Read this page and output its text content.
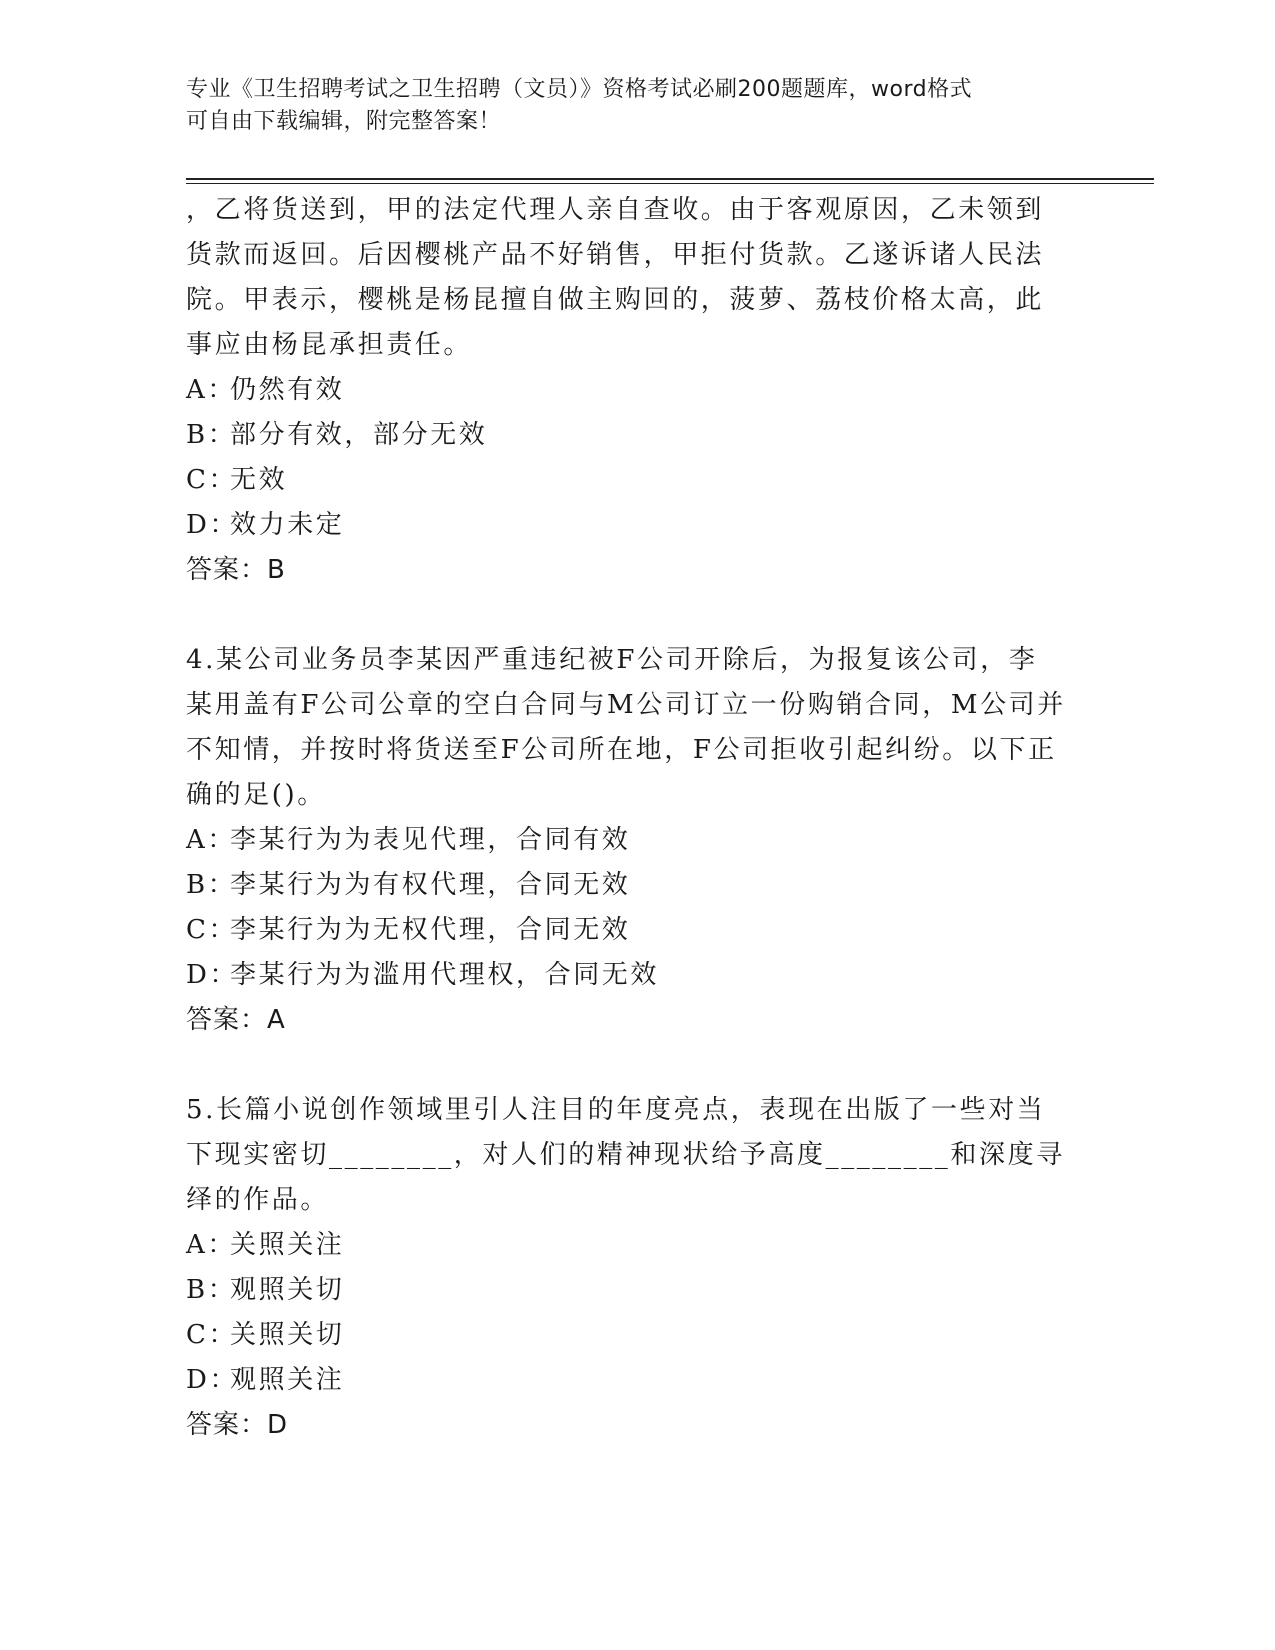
专业《卫生招聘考试之卫生招聘（文员）》资格考试必刷200题题库，word格式
可自由下载编辑，附完整答案！
，乙将货送到，甲的法定代理人亲自查收。由于客观原因，乙未领到
货款而返回。后因樱桃产品不好销售，甲拒付货款。乙遂诉诸人民法
院。甲表示，樱桃是杨昆擅自做主购回的，菠萝、荔枝价格太高，此
事应由杨昆承担责任。
A：仍然有效
B：部分有效，部分无效
C：无效
D：效力未定
答案：B
4.某公司业务员李某因严重违纪被F公司开除后，为报复该公司，李
某用盖有F公司公章的空白合同与M公司订立一份购销合同，M公司并
不知情，并按时将货送至F公司所在地，F公司拒收引起纠纷。以下正
确的足()。
A：李某行为为表见代理，合同有效
B：李某行为为有权代理，合同无效
C：李某行为为无权代理，合同无效
D：李某行为为滥用代理权，合同无效
答案：A
5.长篇小说创作领域里引人注目的年度亮点，表现在出版了一些对当
下现实密切________，对人们的精神现状给予高度________和深度寻
绎的作品。
A：关照关注
B：观照关切
C：关照关切
D：观照关注
答案：D
